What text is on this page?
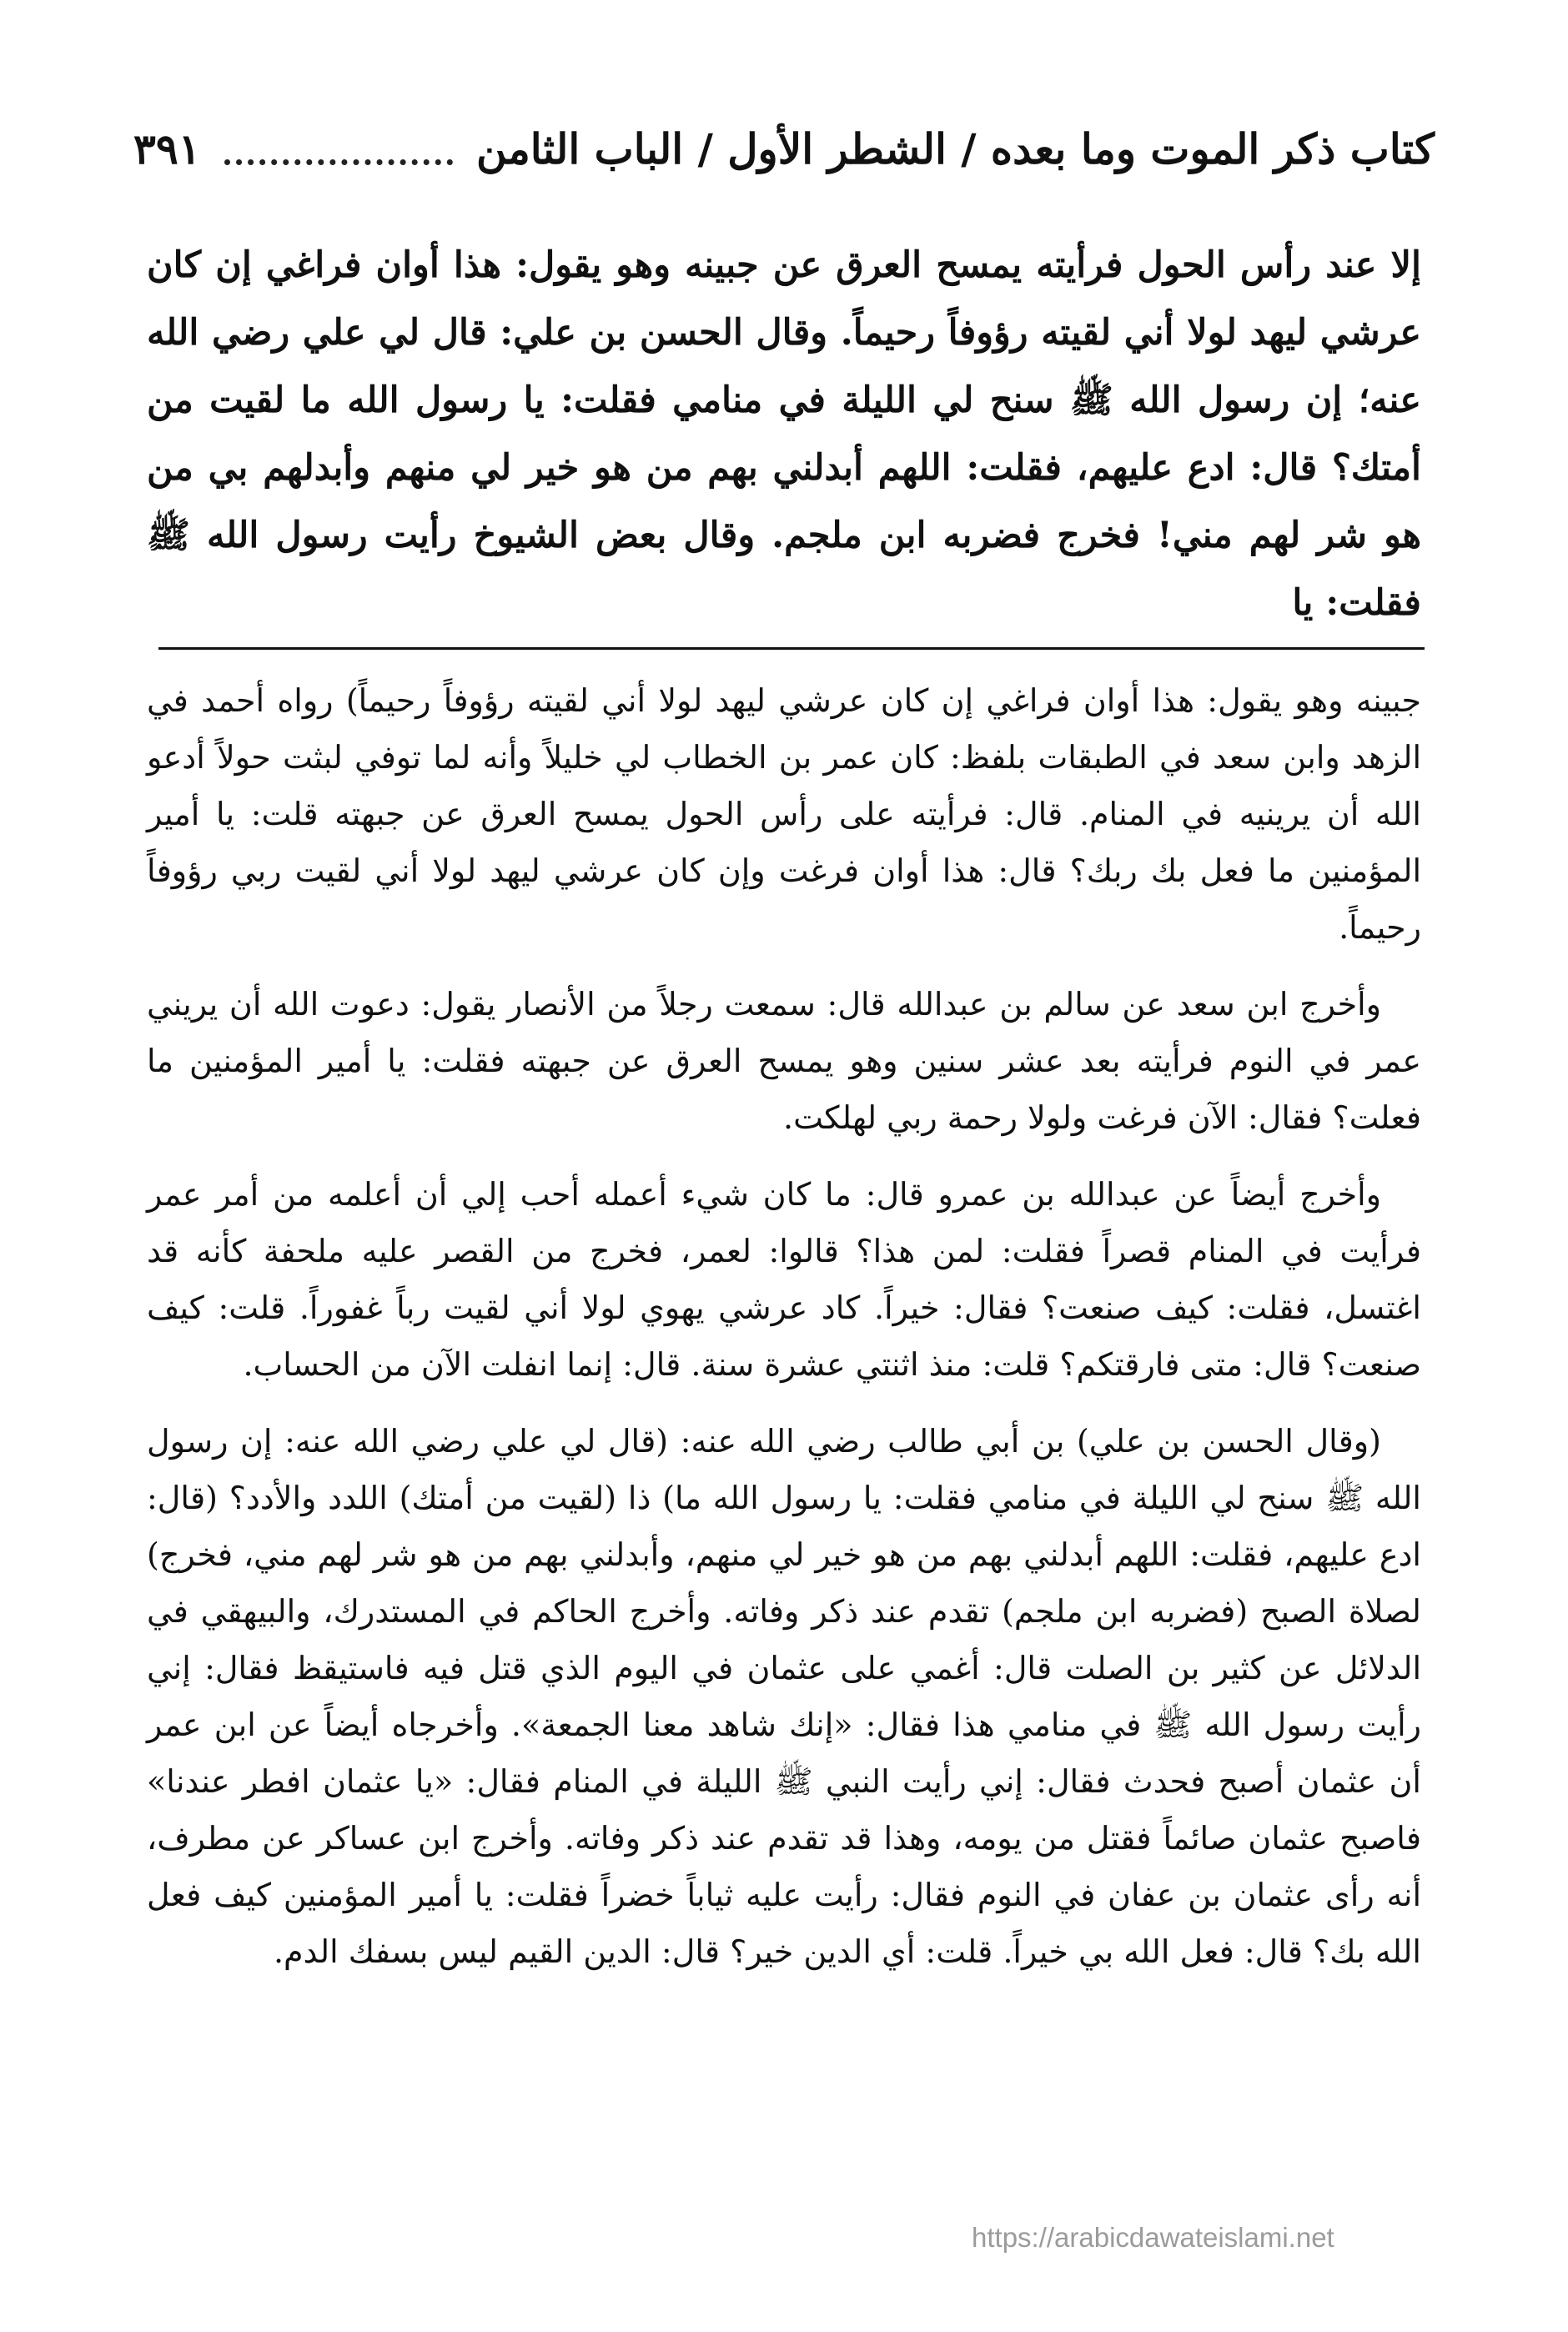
كتاب ذكر الموت وما بعده / الشطر الأول / الباب الثامن
٣٩١
إلا عند رأس الحول فرأيته يمسح العرق عن جبينه وهو يقول: هذا أوان فراغي إن كان عرشي ليهد لولا أني لقيته رؤوفاً رحيماً. وقال الحسن بن علي: قال لي علي رضي الله عنه؛ إن رسول الله ﷺ سنح لي الليلة في منامي فقلت: يا رسول الله ما لقيت من أمتك؟ قال: ادع عليهم، فقلت: اللهم أبدلني بهم من هو خير لي منهم وأبدلهم بي من هو شر لهم مني! فخرج فضربه ابن ملجم. وقال بعض الشيوخ رأيت رسول الله ﷺ فقلت: يا

جبينه وهو يقول: هذا أوان فراغي إن كان عرشي ليهد لولا أني لقيته رؤوفاً رحيماً) رواه أحمد في الزهد وابن سعد في الطبقات بلفظ: كان عمر بن الخطاب لي خليلاً وأنه لما توفي لبثت حولاً أدعو الله أن يرينيه في المنام. قال: فرأيته على رأس الحول يمسح العرق عن جبهته قلت: يا أمير المؤمنين ما فعل بك ربك؟ قال: هذا أوان فرغت وإن كان عرشي ليهد لولا أني لقيت ربي رؤوفاً رحيماً.

وأخرج ابن سعد عن سالم بن عبدالله قال: سمعت رجلاً من الأنصار يقول: دعوت الله أن يريني عمر في النوم فرأيته بعد عشر سنين وهو يمسح العرق عن جبهته فقلت: يا أمير المؤمنين ما فعلت؟ فقال: الآن فرغت ولولا رحمة ربي لهلكت.

وأخرج أيضاً عن عبدالله بن عمرو قال: ما كان شيء أعمله أحب إلي أن أعلمه من أمر عمر فرأيت في المنام قصراً فقلت: لمن هذا؟ قالوا: لعمر، فخرج من القصر عليه ملحفة كأنه قد اغتسل، فقلت: كيف صنعت؟ فقال: خيراً. كاد عرشي يهوي لولا أني لقيت رباً غفوراً. قلت: كيف صنعت؟ قال: متى فارقتكم؟ قلت: منذ اثنتي عشرة سنة. قال: إنما انفلت الآن من الحساب.

(وقال الحسن بن علي) بن أبي طالب رضي الله عنه: (قال لي علي رضي الله عنه: إن رسول الله ﷺ سنح لي الليلة في منامي فقلت: يا رسول الله ما) ذا (لقيت من أمتك) اللدد والأدد؟ (قال: ادع عليهم، فقلت: اللهم أبدلني بهم من هو خير لي منهم، وأبدلني بهم من هو شر لهم مني، فخرج) لصلاة الصبح (فضربه ابن ملجم) تقدم عند ذكر وفاته. وأخرج الحاكم في المستدرك، والبيهقي في الدلائل عن كثير بن الصلت قال: أغمي على عثمان في اليوم الذي قتل فيه فاستيقظ فقال: إني رأيت رسول الله ﷺ في منامي هذا فقال: «إنك شاهد معنا الجمعة». وأخرجاه أيضاً عن ابن عمر أن عثمان أصبح فحدث فقال: إني رأيت النبي ﷺ الليلة في المنام فقال: «يا عثمان افطر عندنا» فاصبح عثمان صائماً فقتل من يومه، وهذا قد تقدم عند ذكر وفاته. وأخرج ابن عساكر عن مطرف، أنه رأى عثمان بن عفان في النوم فقال: رأيت عليه ثياباً خضراً فقلت: يا أمير المؤمنين كيف فعل الله بك؟ قال: فعل الله بي خيراً. قلت: أي الدين خير؟ قال: الدين القيم ليس بسفك الدم.

https://arabicdawateislami.net
